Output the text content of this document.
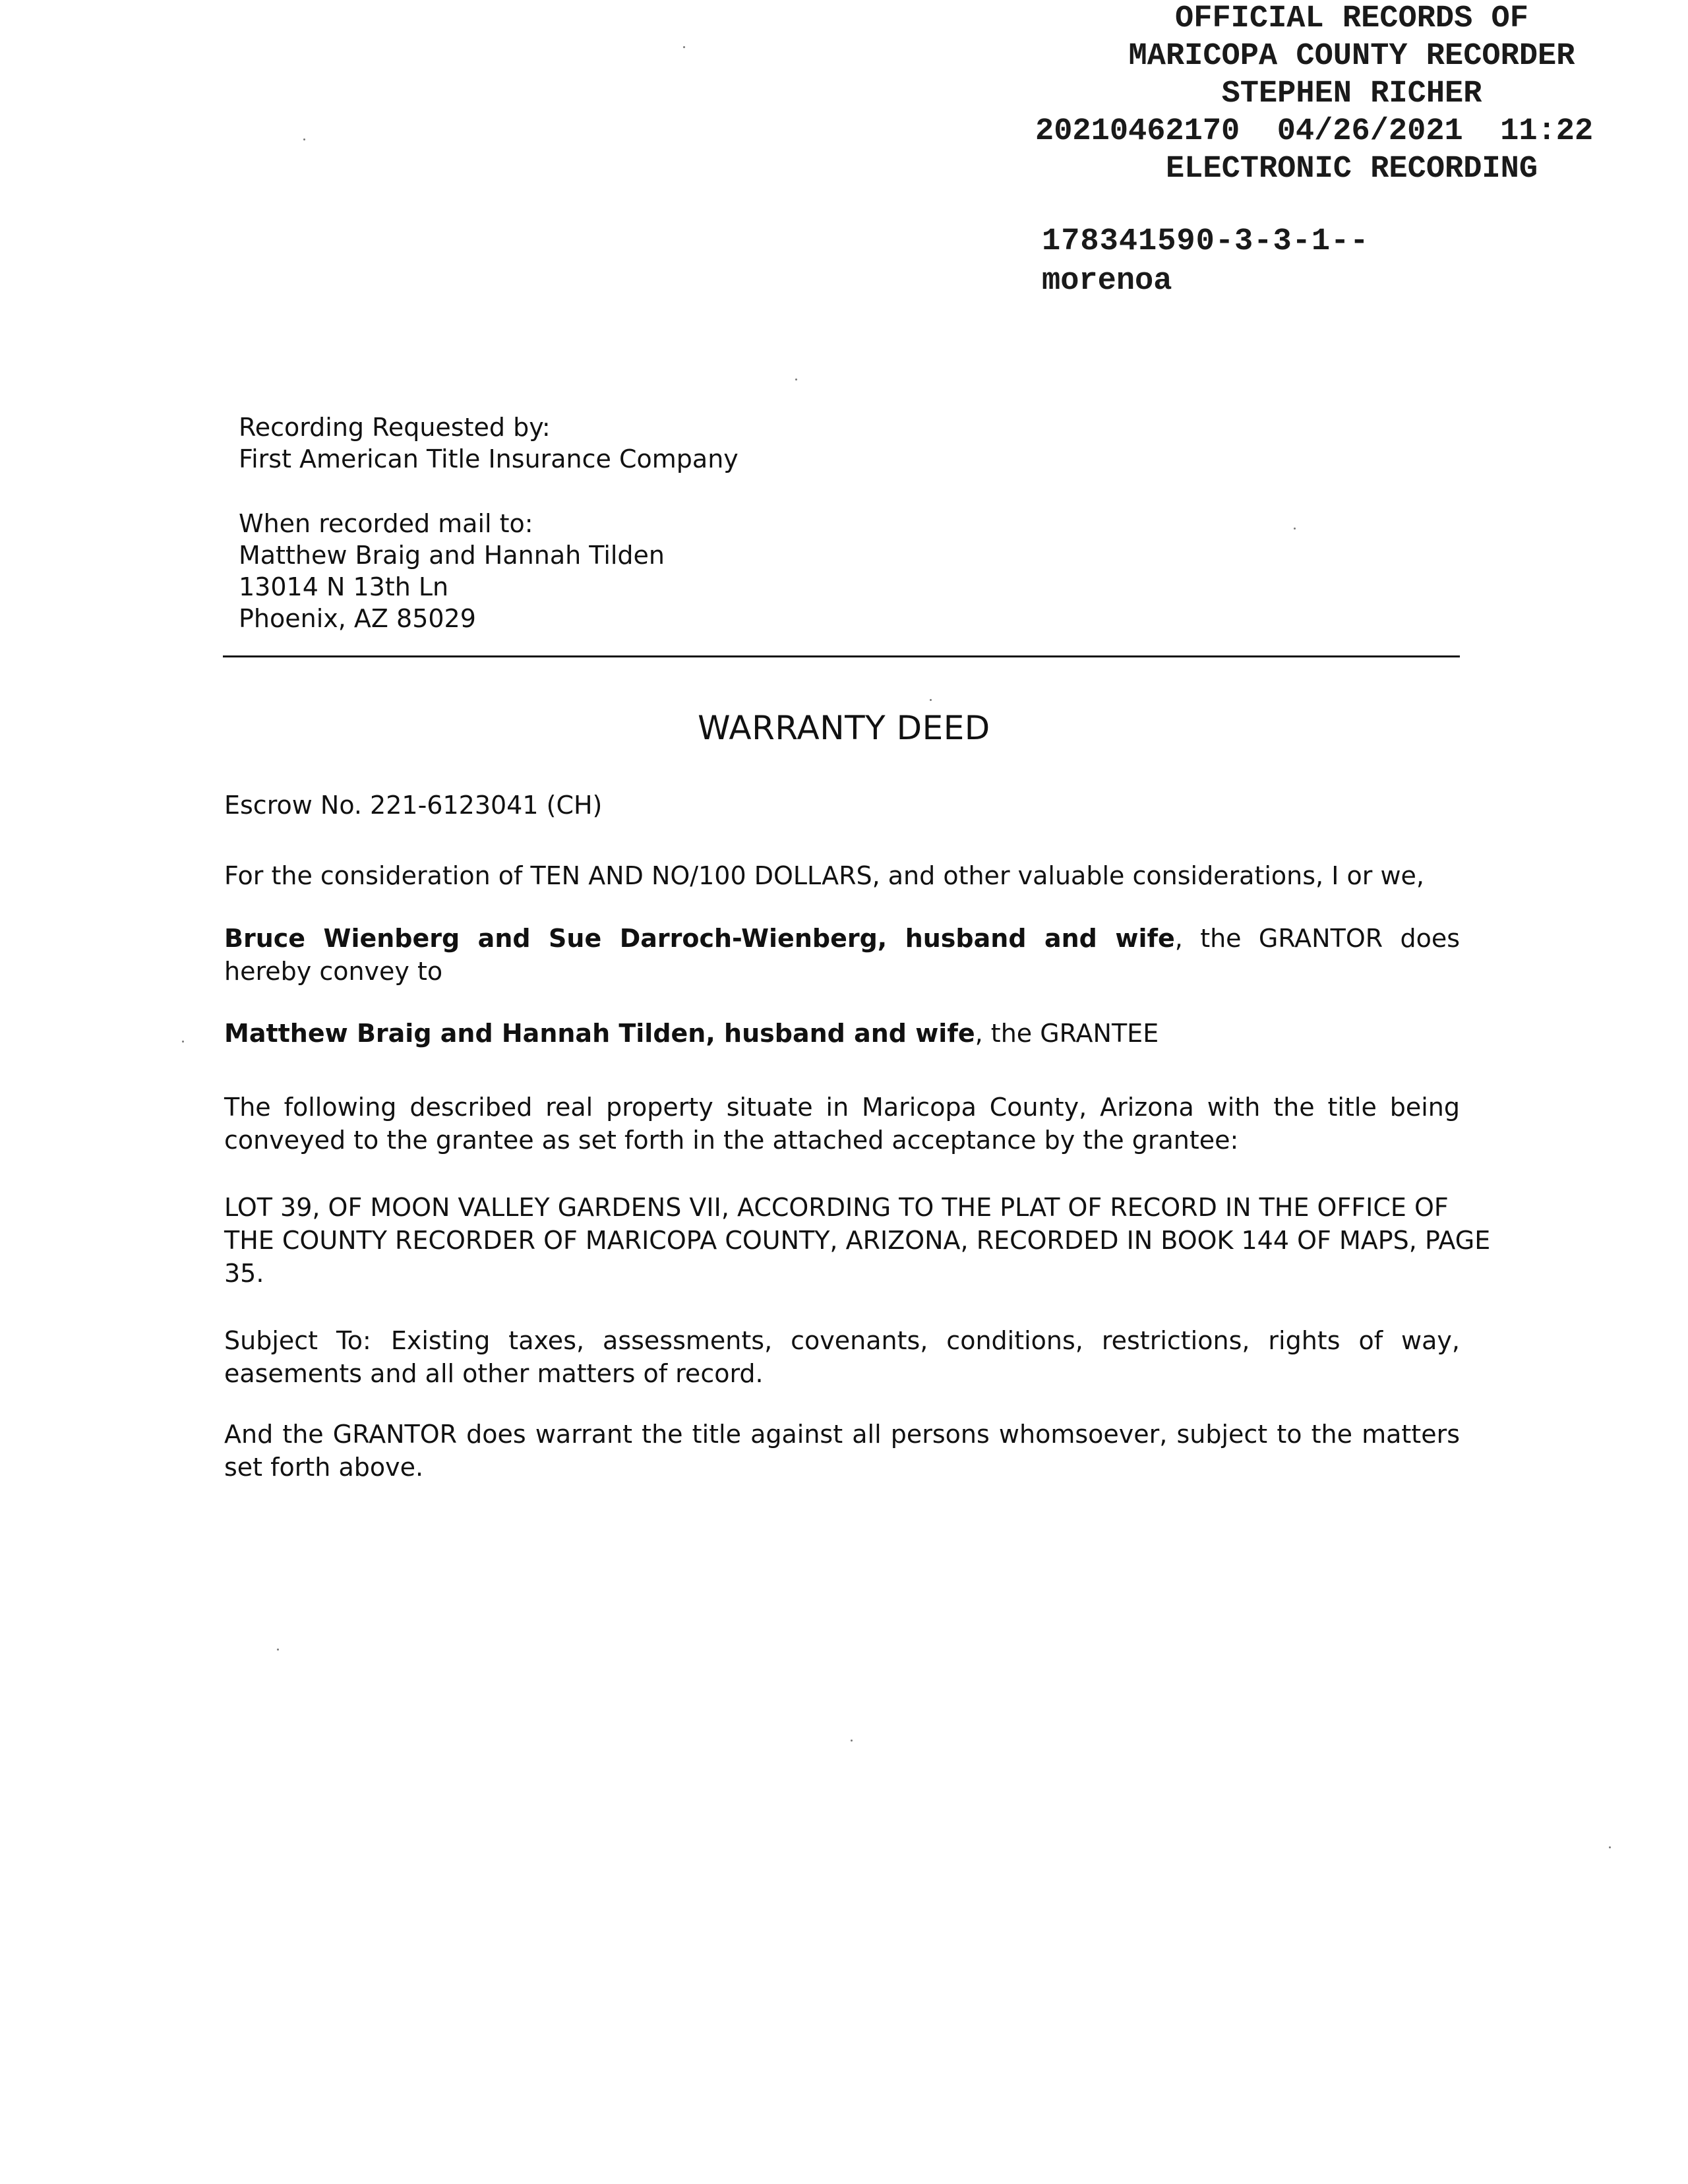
OFFICIAL RECORDS OF
MARICOPA COUNTY RECORDER
STEPHEN RICHER
20210462170 04/26/2021 11:22
ELECTRONIC RECORDING
178341590-3-3-1--
morenoa
Recording Requested by:
First American Title Insurance Company
When recorded mail to:
Matthew Braig and Hannah Tilden
13014 N 13th Ln
Phoenix, AZ 85029
WARRANTY DEED
Escrow No. 221-6123041 (CH)
For the consideration of TEN AND NO/100 DOLLARS, and other valuable considerations, I or we,
Bruce Wienberg and Sue Darroch-Wienberg, husband and wife, the GRANTOR does hereby convey to
Matthew Braig and Hannah Tilden, husband and wife, the GRANTEE
The following described real property situate in Maricopa County, Arizona with the title being conveyed to the grantee as set forth in the attached acceptance by the grantee:
LOT 39, OF MOON VALLEY GARDENS VII, ACCORDING TO THE PLAT OF RECORD IN THE OFFICE OF
THE COUNTY RECORDER OF MARICOPA COUNTY, ARIZONA, RECORDED IN BOOK 144 OF MAPS, PAGE
35.
Subject To: Existing taxes, assessments, covenants, conditions, restrictions, rights of way, easements and all other matters of record.
And the GRANTOR does warrant the title against all persons whomsoever, subject to the matters set forth above.
